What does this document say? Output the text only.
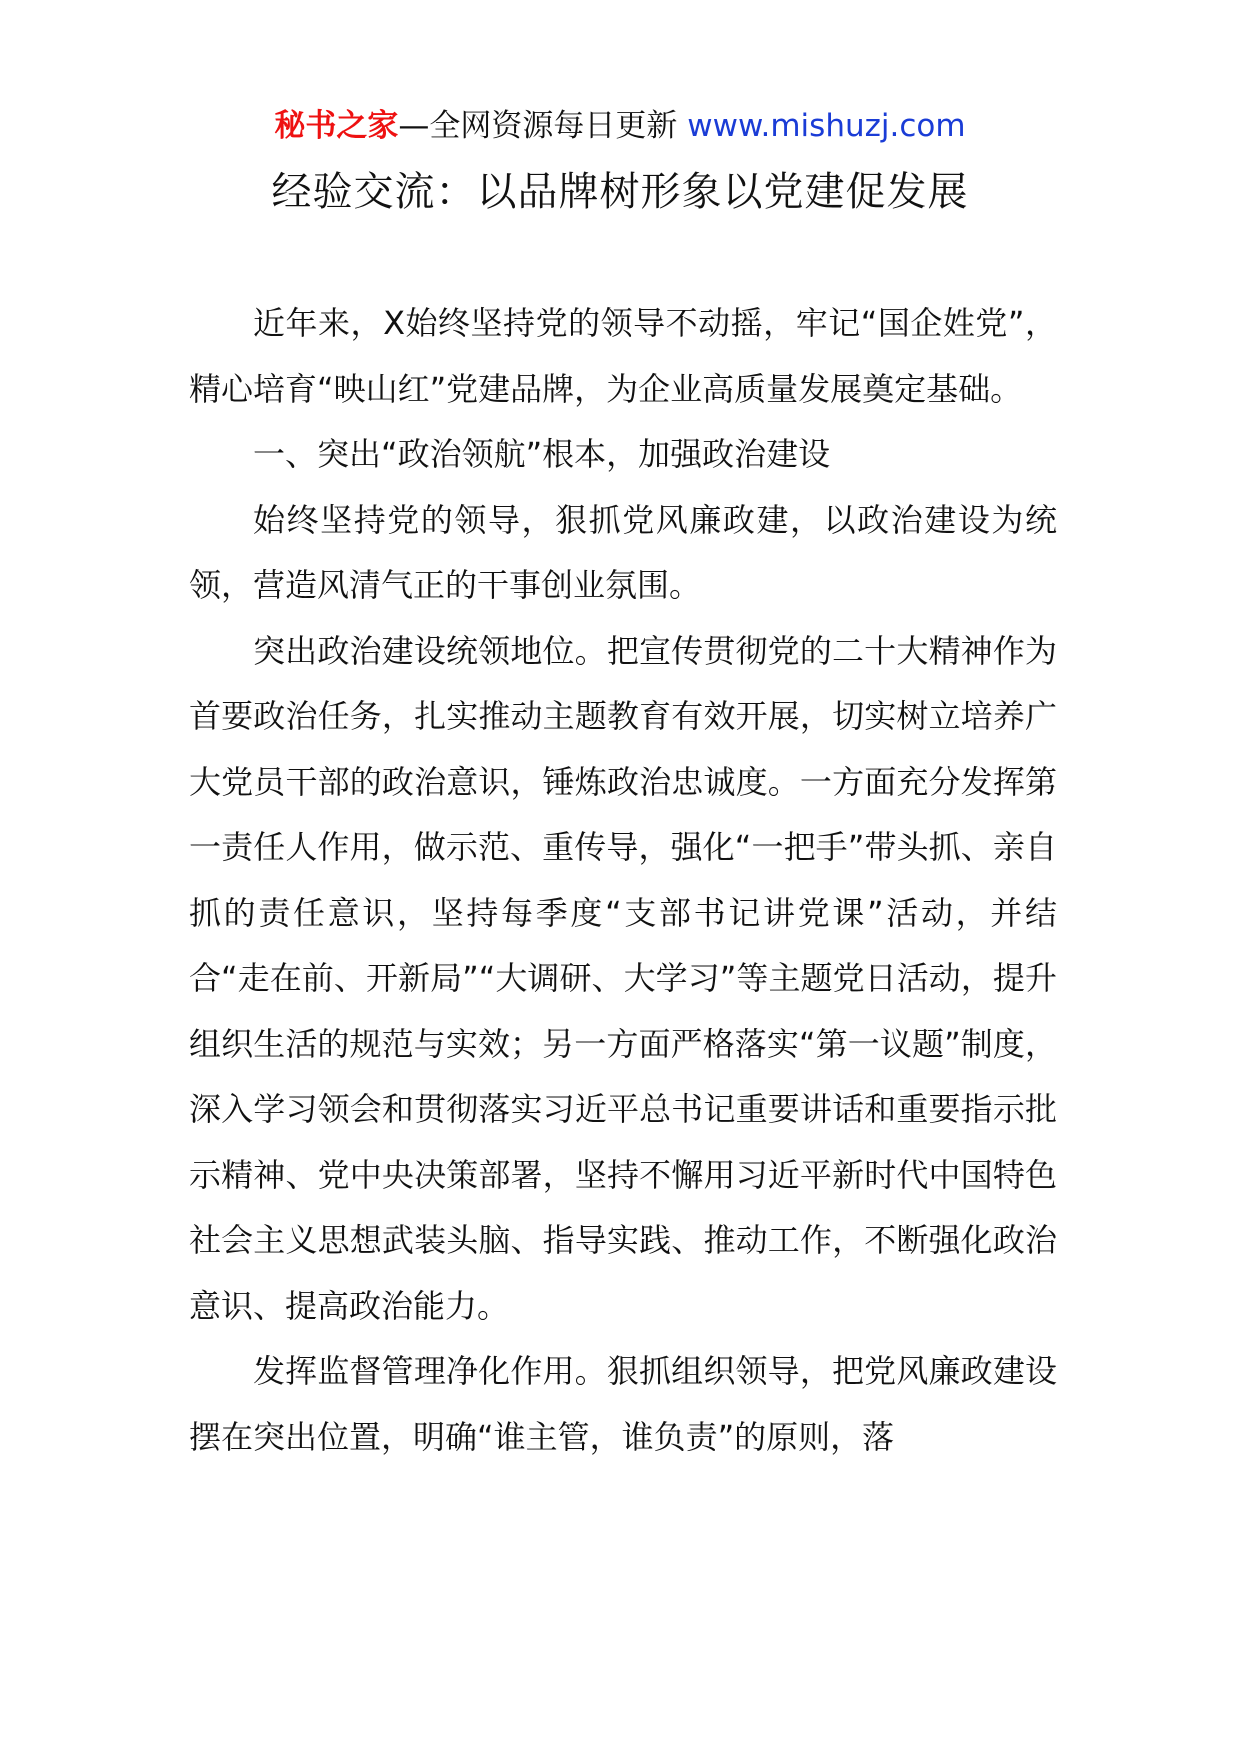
秘书之家—全网资源每日更新 www.mishuzj.com
经验交流：以品牌树形象以党建促发展

近年来，X始终坚持党的领导不动摇，牢记“国企姓党”，精心培育“映山红”党建品牌，为企业高质量发展奠定基础。

一、突出“政治领航”根本，加强政治建设

始终坚持党的领导，狠抓党风廉政建，以政治建设为统领，营造风清气正的干事创业氛围。

突出政治建设统领地位。把宣传贯彻党的二十大精神作为首要政治任务，扎实推动主题教育有效开展，切实树立培养广大党员干部的政治意识，锤炼政治忠诚度。一方面充分发挥第一责任人作用，做示范、重传导，强化“一把手”带头抓、亲自抓的责任意识，坚持每季度“支部书记讲党课”活动，并结合“走在前、开新局”“大调研、大学习”等主题党日活动，提升组织生活的规范与实效；另一方面严格落实“第一议题”制度，深入学习领会和贯彻落实习近平总书记重要讲话和重要指示批示精神、党中央决策部署，坚持不懈用习近平新时代中国特色社会主义思想武装头脑、指导实践、推动工作，不断强化政治意识、提高政治能力。

发挥监督管理净化作用。狠抓组织领导，把党风廉政建设摆在突出位置，明确“谁主管，谁负责”的原则，落
